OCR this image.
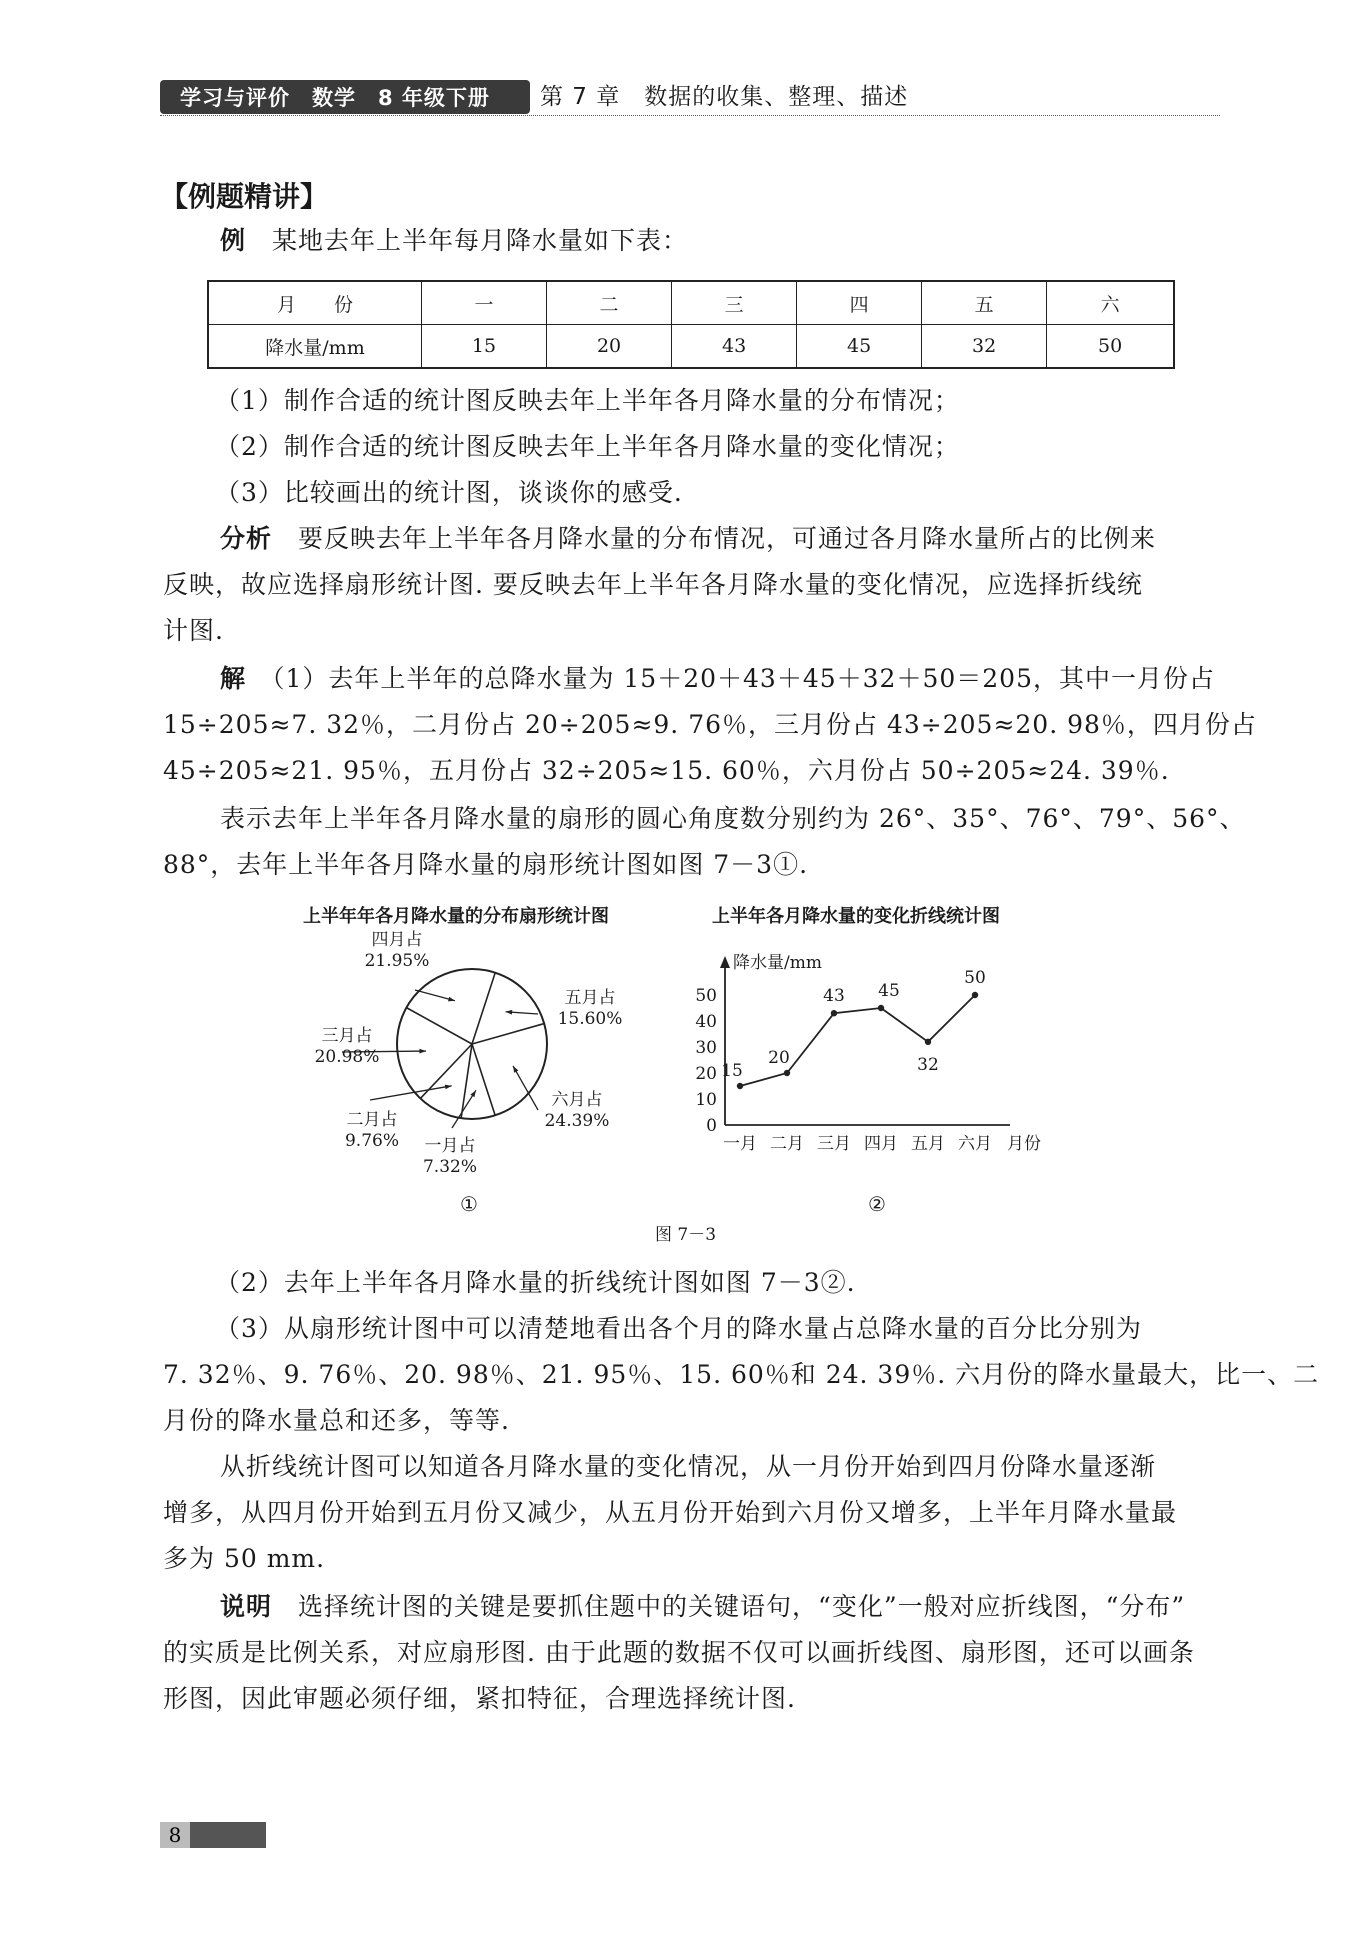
学习与评价　数学　8 年级下册	第 7 章　数据的收集、整理、描述
【例题精讲】
例　 某地去年上半年每月降水量如下表：
月　　份	一	二	三	四	五	六
降水量/mm	15	20	43	45	32	50
（1）制作合适的统计图反映去年上半年各月降水量的分布情况；
（2）制作合适的统计图反映去年上半年各月降水量的变化情况；
（3）比较画出的统计图，谈谈你的感受.
分析　 要反映去年上半年各月降水量的分布情况，可通过各月降水量所占的比例来
反映，故应选择扇形统计图. 要反映去年上半年各月降水量的变化情况，应选择折线统
计图.
解　 （1）去年上半年的总降水量为 15＋20＋43＋45＋32＋50＝205，其中一月份占
15÷205≈7. 32％，二月份占 20÷205≈9. 76％，三月份占 43÷205≈20. 98％，四月份占
45÷205≈21. 95％，五月份占 32÷205≈15. 60％，六月份占 50÷205≈24. 39％.
表示去年上半年各月降水量的扇形的圆心角度数分别约为 26°、35°、76°、79°、56°、
88°，去年上半年各月降水量的扇形统计图如图 7－3①.
上半年年各月降水量的分布扇形统计图
四月占
21.95%
五月占
15.60%
三月占
20.98%
六月占
24.39%
二月占
9.76%	一月占
7.32%
①
上半年各月降水量的变化折线统计图
降水量/mm
0
10
20
30
40
50
15
20
43 45
32
50
一月 二月 三月 四月 五月 六月 月份
②
图 7－3
（2）去年上半年各月降水量的折线统计图如图 7－3②.
（3）从扇形统计图中可以清楚地看出各个月的降水量占总降水量的百分比分别为
7. 32％、9. 76％、20. 98％、21. 95％、15. 60％和 24. 39％. 六月份的降水量最大，比一、二
月份的降水量总和还多，等等.
从折线统计图可以知道各月降水量的变化情况，从一月份开始到四月份降水量逐渐
增多，从四月份开始到五月份又减少，从五月份开始到六月份又增多，上半年月降水量最
多为 50 mm.
说明　 选择统计图的关键是要抓住题中的关键语句，“变化”一般对应折线图，“分布”
的实质是比例关系，对应扇形图. 由于此题的数据不仅可以画折线图、扇形图，还可以画条
形图，因此审题必须仔细，紧扣特征，合理选择统计图.
8
